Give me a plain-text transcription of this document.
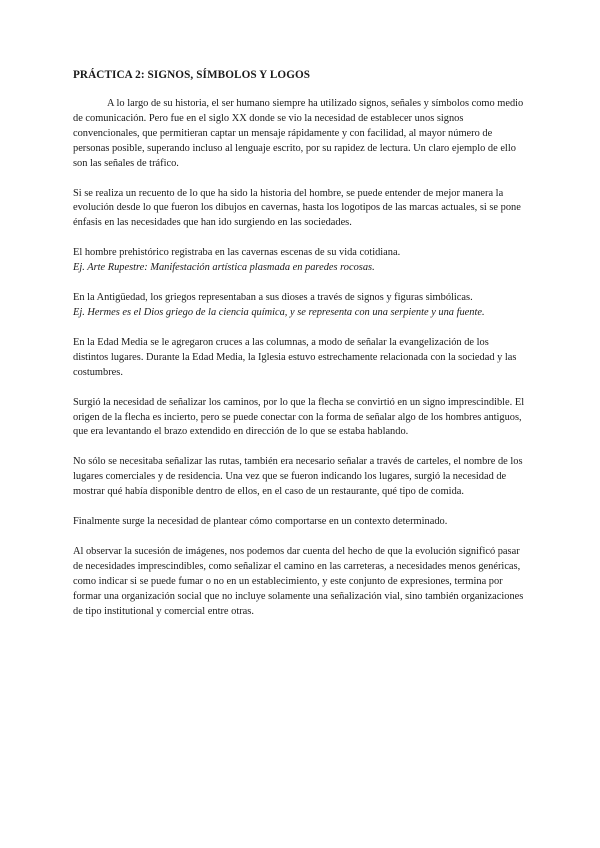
PRÁCTICA 2: SIGNOS, SÍMBOLOS Y LOGOS

A lo largo de su historia, el ser humano siempre ha utilizado signos, señales y símbolos como medio de comunicación. Pero fue en el siglo XX donde se vio la necesidad de establecer unos signos convencionales, que permitieran captar un mensaje rápidamente y con facilidad, al mayor número de personas posible, superando incluso al lenguaje escrito, por su rapidez de lectura. Un claro ejemplo de ello son las señales de tráfico.

Si se realiza un recuento de lo que ha sido la historia del hombre, se puede entender de mejor manera la evolución desde lo que fueron los dibujos en cavernas, hasta los logotipos de las marcas actuales, si se pone énfasis en las necesidades que han ido surgiendo en las sociedades.

El hombre prehistórico registraba en las cavernas escenas de su vida cotidiana.

Ej. Arte Rupestre: Manifestación artística plasmada en paredes rocosas.

En la Antigüedad, los griegos representaban a sus dioses a través de signos y figuras simbólicas.

Ej. Hermes es el Dios griego de la ciencia química, y se representa con una serpiente y una fuente.

En la Edad Media se le agregaron cruces a las columnas, a modo de señalar la evangelización de los distintos lugares. Durante la Edad Media, la Iglesia estuvo estrechamente relacionada con la sociedad y las costumbres.

Surgió la necesidad de señalizar los caminos, por lo que la flecha se convirtió en un signo imprescindible. El origen de la flecha es incierto, pero se puede conectar con la forma de señalar algo de los hombres antiguos, que era levantando el brazo extendido en dirección de lo que se estaba hablando.

No sólo se necesitaba señalizar las rutas, también era necesario señalar a través de carteles, el nombre de los lugares comerciales y de residencia. Una vez que se fueron indicando los lugares, surgió la necesidad de mostrar qué había disponible dentro de ellos, en el caso de un restaurante, qué tipo de comida.

Finalmente surge la necesidad de plantear cómo comportarse en un contexto determinado.

Al observar la sucesión de imágenes, nos podemos dar cuenta del hecho de que la evolución significó pasar de necesidades imprescindibles, como señalizar el camino en las carreteras, a necesidades menos genéricas, como indicar si se puede fumar o no en un establecimiento, y este conjunto de expresiones, termina por formar una organización social que no incluye solamente una señalización vial, sino también organizaciones de tipo institutional y comercial entre otras.
